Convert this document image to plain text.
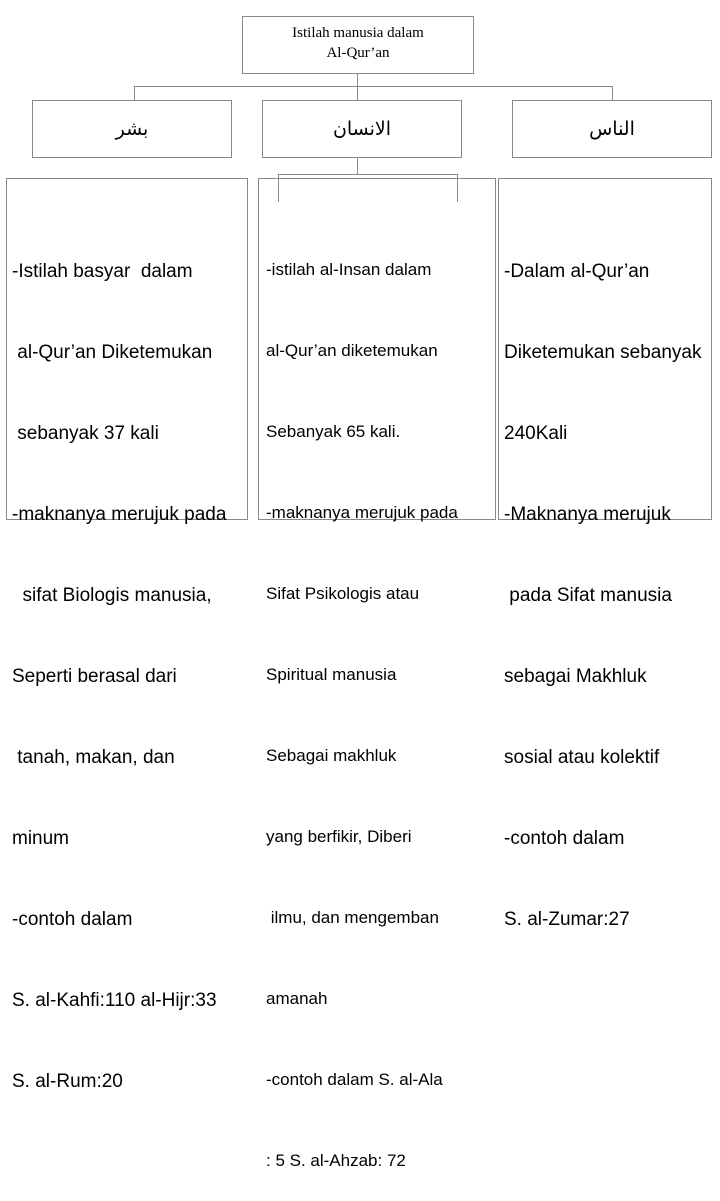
Istilah manusia dalam
Al-Qur’an
بشر	الانسان	الناس

-Istilah basyar  dalam

al-Qur’an Diketemukan

sebanyak 37 kali

-maknanya merujuk pada

sifat Biologis manusia,

Seperti berasal dari

tanah, makan, dan

minum

-contoh dalam

S. al-Kahfi:110 al-Hijr:33

S. al-Rum:20

-istilah al-Insan dalam

al-Qur’an diketemukan

Sebanyak 65 kali.

-maknanya merujuk pada

Sifat Psikologis atau

Spiritual manusia

Sebagai makhluk

yang berfikir, Diberi

ilmu, dan mengemban

amanah

-contoh dalam S. al-Ala

: 5 S. al-Ahzab: 72

-Dalam al-Qur’an

Diketemukan sebanyak

240Kali

-Maknanya merujuk

pada Sifat manusia

sebagai Makhluk

sosial atau kolektif

-contoh dalam

S. al-Zumar:27
